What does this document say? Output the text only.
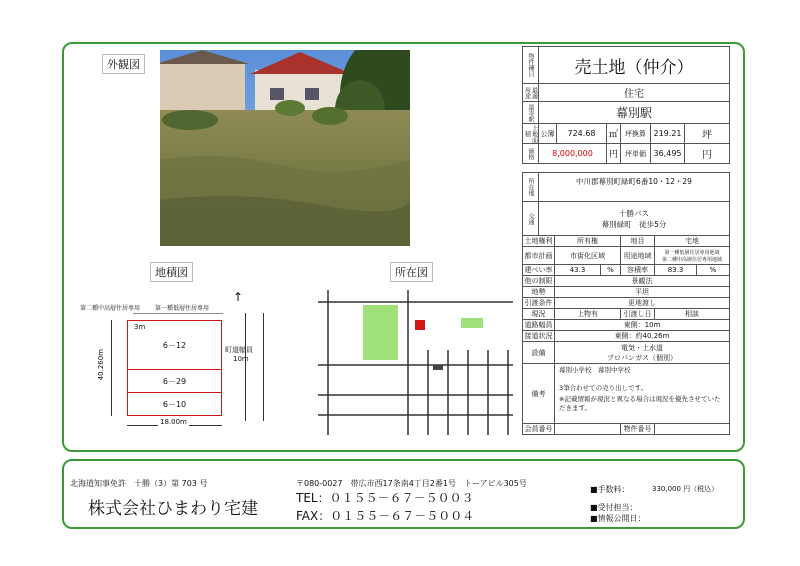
外観図
地積図
第二種中高層住居専用 第一種低層住居専用
3m
6－12
6－29
6－10
40.260m
18.00m
町道幅員
10m
↑
所在図
物件種目	売土地（仲介）
最適用途	住宅
最寄駅	幕別駅
土地面積	公簿	724.68	㎡	坪換算 219.21	坪
価格	8,000,000	円	坪単価 36,495	円
所在地	中川郡幕別町緑町6番10・12・29
交通	十勝バス
幕別緑町　徒歩5分
土地権利	所有権	地目	宅地
都市計画	市街化区域	用途地域	第一種低層住居専用地域
第二種中高層住居専用地域
建ぺい率	43.3	%	容積率	83.3	%
他の制限	景観法
地勢	平坦
引渡条件	更地渡し
現況	上物有	引渡し日	相談
道路幅員	東側：10m
接道状況	東側：約40.26m
設備
電気・上水道
プロパンガス（個別）
備考
幕別小学校　幕別中学校
3筆合わせての売り出しです。
※記載情報が現況と異なる場合は現況を優先させていただきます。
会員番号	物件番号
北海道知事免許　十勝（3）第 703 号
株式会社ひまわり宅建
〒080-0027　帯広市西17条南4丁目2番1号　トーアビル305号
TEL：０１５５－６７－５００３
FAX：０１５５－６７－５００４
■手数料：	330,000 円（税込）
■受付担当：
■情報公開日：
